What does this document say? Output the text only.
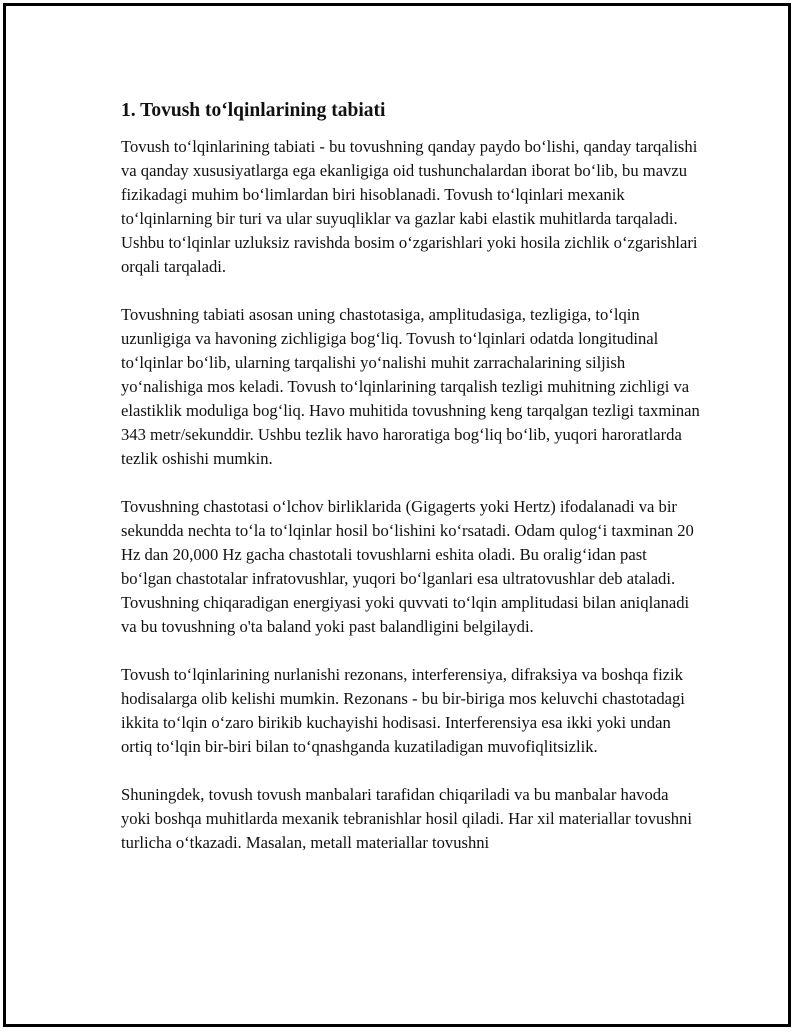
1. Tovush to‘lqinlarining tabiati

Tovush to‘lqinlarining tabiati - bu tovushning qanday paydo bo‘lishi, qanday tarqalishi va qanday xususiyatlarga ega ekanligiga oid tushunchalardan iborat bo‘lib, bu mavzu fizikadagi muhim bo‘limlardan biri hisoblanadi. Tovush to‘lqinlari mexanik to‘lqinlarning bir turi va ular suyuqliklar va gazlar kabi elastik muhitlarda tarqaladi. Ushbu to‘lqinlar uzluksiz ravishda bosim o‘zgarishlari yoki hosila zichlik o‘zgarishlari orqali tarqaladi.

Tovushning tabiati asosan uning chastotasiga, amplitudasiga, tezligiga, to‘lqin uzunligiga va havoning zichligiga bog‘liq. Tovush to‘lqinlari odatda longitudinal to‘lqinlar bo‘lib, ularning tarqalishi yo‘nalishi muhit zarrachalarining siljish yo‘nalishiga mos keladi. Tovush to‘lqinlarining tarqalish tezligi muhitning zichligi va elastiklik moduliga bog‘liq. Havo muhitida tovushning keng tarqalgan tezligi taxminan 343 metr/sekunddir. Ushbu tezlik havo haroratiga bog‘liq bo‘lib, yuqori haroratlarda tezlik oshishi mumkin.

Tovushning chastotasi o‘lchov birliklarida (Gigagerts yoki Hertz) ifodalanadi va bir sekundda nechta to‘la to‘lqinlar hosil bo‘lishini ko‘rsatadi. Odam qulog‘i taxminan 20 Hz dan 20,000 Hz gacha chastotali tovushlarni eshita oladi. Bu oralig‘idan past bo‘lgan chastotalar infratovushlar, yuqori bo‘lganlari esa ultratovushlar deb ataladi. Tovushning chiqaradigan energiyasi yoki quvvati to‘lqin amplitudasi bilan aniqlanadi va bu tovushning o'ta baland yoki past balandligini belgilaydi.

Tovush to‘lqinlarining nurlanishi rezonans, interferensiya, difraksiya va boshqa fizik hodisalarga olib kelishi mumkin. Rezonans - bu bir-biriga mos keluvchi chastotadagi ikkita to‘lqin o‘zaro birikib kuchayishi hodisasi. Interferensiya esa ikki yoki undan ortiq to‘lqin bir-biri bilan to‘qnashganda kuzatiladigan muvofiqlitsizlik.

Shuningdek, tovush tovush manbalari tarafidan chiqariladi va bu manbalar havoda yoki boshqa muhitlarda mexanik tebranishlar hosil qiladi. Har xil materiallar tovushni turlicha o‘tkazadi. Masalan, metall materiallar tovushni
